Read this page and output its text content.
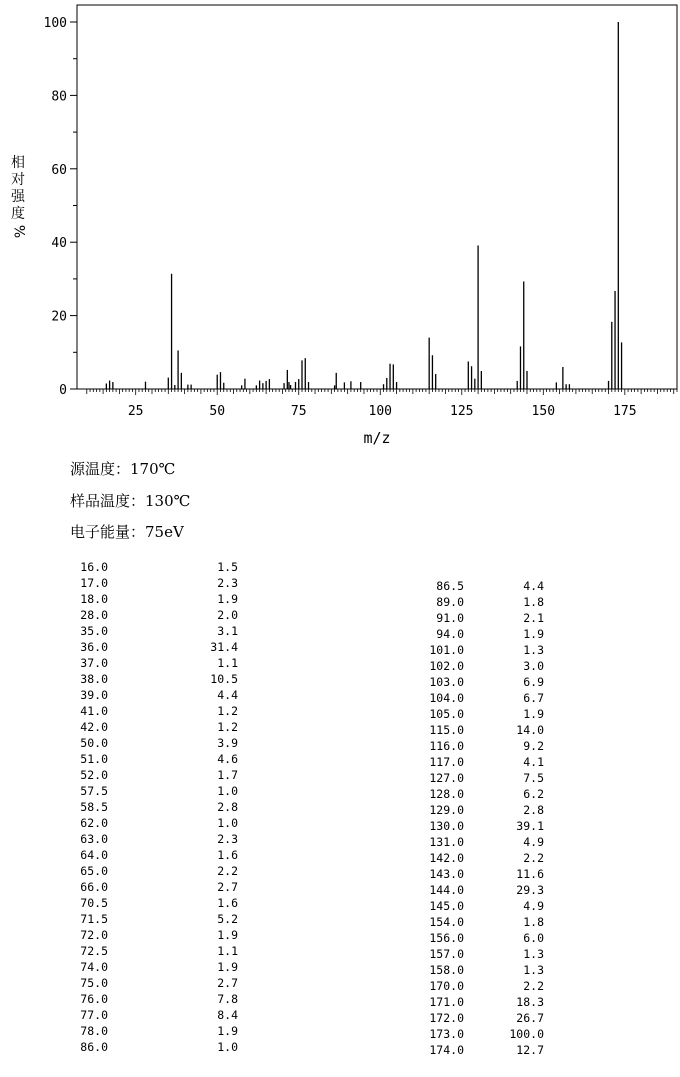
0
20
40
60
80
100
25	50	75	100	125	150	175
m/z
相对强度
%
源温度：170℃
样品温度：130℃
电子能量：75eV
16.0	1.5
17.0	2.3
18.0	1.9
28.0	2.0
35.0	3.1
36.0	31.4
37.0	1.1
38.0	10.5
39.0	4.4
41.0	1.2
42.0	1.2
50.0	3.9
51.0	4.6
52.0	1.7
57.5	1.0
58.5	2.8
62.0	1.0
63.0	2.3
64.0	1.6
65.0	2.2
66.0	2.7
70.5	1.6
71.5	5.2
72.0	1.9
72.5	1.1
74.0	1.9
75.0	2.7
76.0	7.8
77.0	8.4
78.0	1.9
86.0	1.0
86.5	4.4
89.0	1.8
91.0	2.1
94.0	1.9
101.0	1.3
102.0	3.0
103.0	6.9
104.0	6.7
105.0	1.9
115.0	14.0
116.0	9.2
117.0	4.1
127.0	7.5
128.0	6.2
129.0	2.8
130.0	39.1
131.0	4.9
142.0	2.2
143.0	11.6
144.0	29.3
145.0	4.9
154.0	1.8
156.0	6.0
157.0	1.3
158.0	1.3
170.0	2.2
171.0	18.3
172.0	26.7
173.0	100.0
174.0	12.7
